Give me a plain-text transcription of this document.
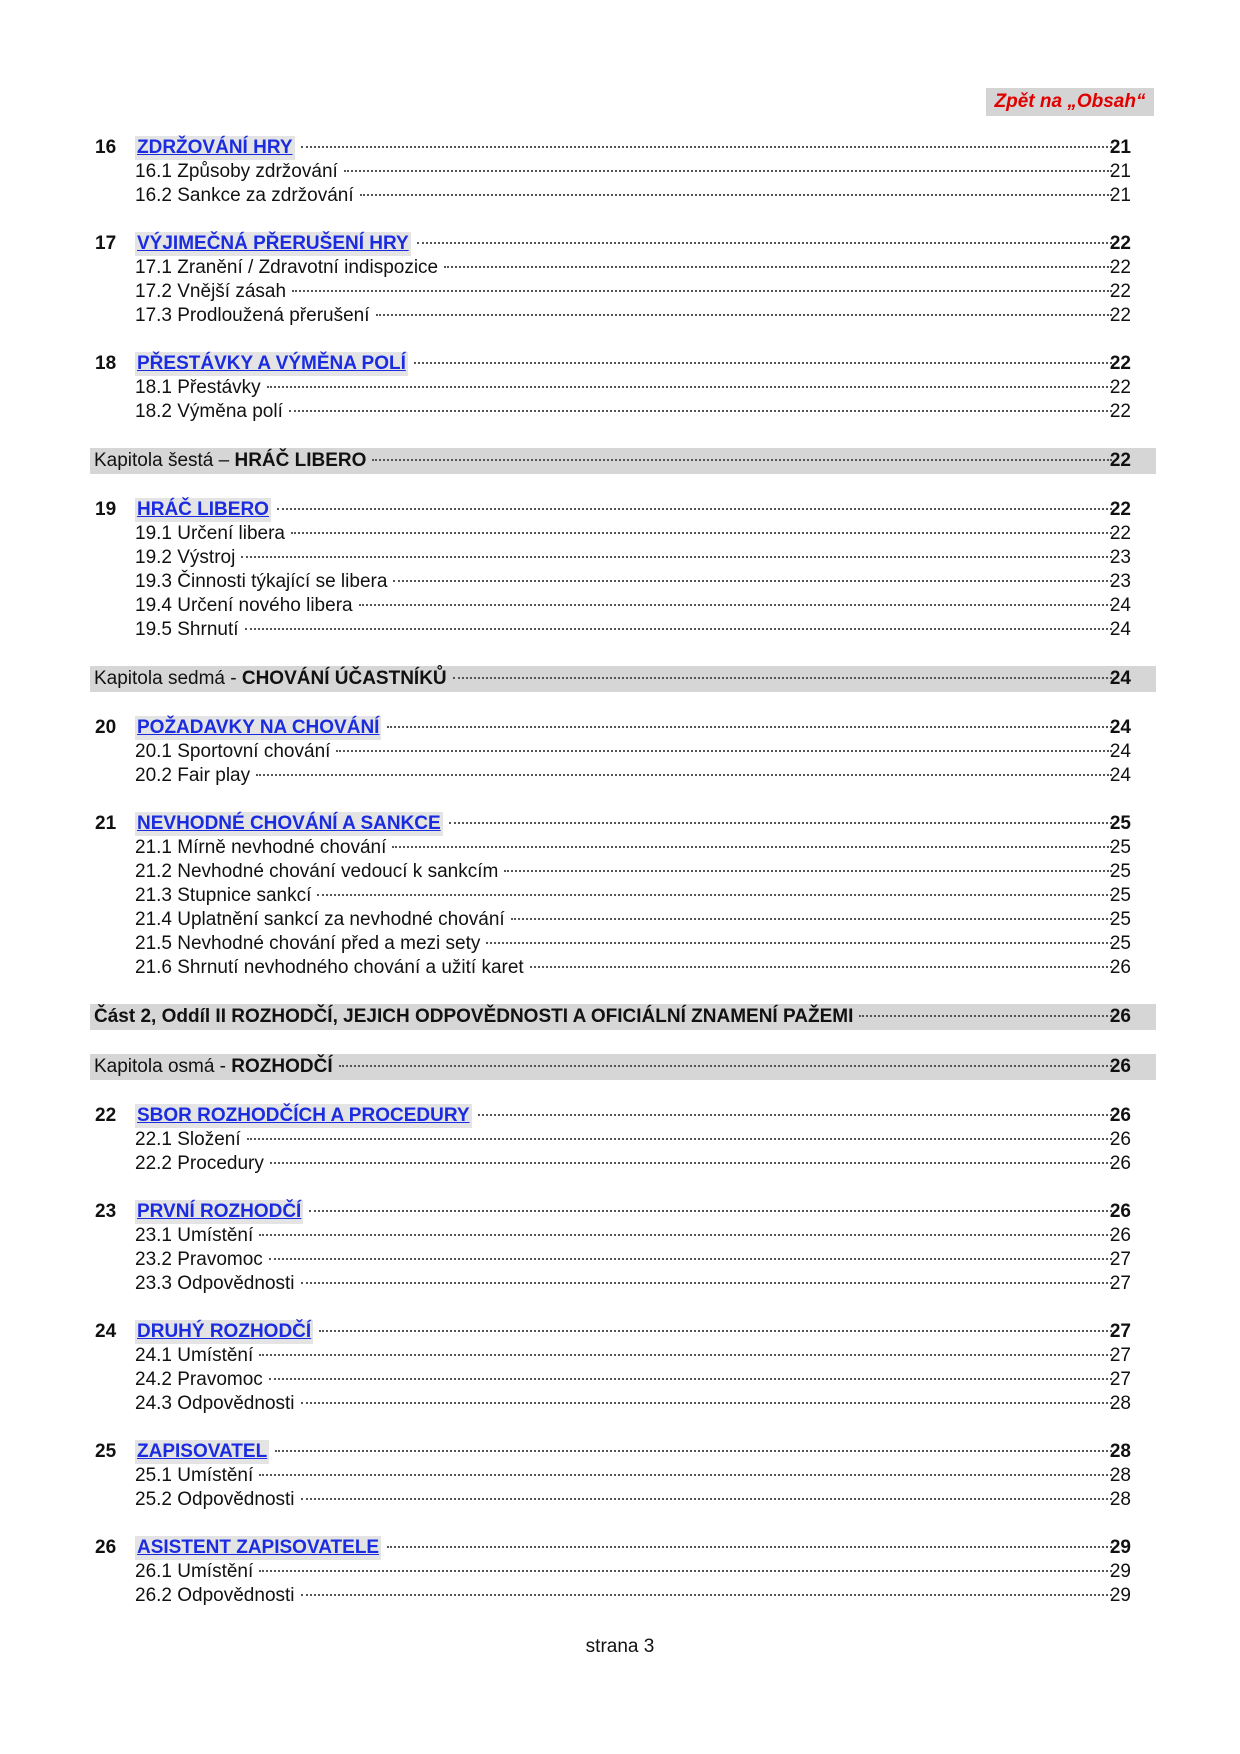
Zpět na „Obsah“
16 ZDRŽOVÁNÍ HRY	21
16.1 Způsoby zdržování	21
16.2 Sankce za zdržování	21
17 VÝJIMEČNÁ PŘERUŠENÍ HRY	22
17.1 Zranění / Zdravotní indispozice	22
17.2 Vnější zásah	22
17.3 Prodloužená přerušení	22
18 PŘESTÁVKY A VÝMĚNA POLÍ	22
18.1 Přestávky	22
18.2 Výměna polí	22
Kapitola šestá – HRÁČ LIBERO	22
19 HRÁČ LIBERO	22
19.1 Určení libera	22
19.2 Výstroj	23
19.3 Činnosti týkající se libera	23
19.4 Určení nového libera	24
19.5 Shrnutí	24
Kapitola sedmá - CHOVÁNÍ ÚČASTNÍKŮ	24
20 POŽADAVKY NA CHOVÁNÍ	24
20.1 Sportovní chování	24
20.2 Fair play	24
21 NEVHODNÉ CHOVÁNÍ A SANKCE	25
21.1 Mírně nevhodné chování	25
21.2 Nevhodné chování vedoucí k sankcím	25
21.3 Stupnice sankcí	25
21.4 Uplatnění sankcí za nevhodné chování	25
21.5 Nevhodné chování před a mezi sety	25
21.6 Shrnutí nevhodného chování a užití karet	26
Část 2, Oddíl II ROZHODČÍ, JEJICH ODPOVĚDNOSTI A OFICIÁLNÍ ZNAMENÍ PAŽEMI	26
Kapitola osmá - ROZHODČÍ	26
22 SBOR ROZHODČÍCH A PROCEDURY	26
22.1 Složení	26
22.2 Procedury	26
23 PRVNÍ ROZHODČÍ	26
23.1 Umístění	26
23.2 Pravomoc	27
23.3 Odpovědnosti	27
24 DRUHÝ ROZHODČÍ	27
24.1 Umístění	27
24.2 Pravomoc	27
24.3 Odpovědnosti	28
25 ZAPISOVATEL	28
25.1 Umístění	28
25.2 Odpovědnosti	28
26 ASISTENT ZAPISOVATELE	29
26.1 Umístění	29
26.2 Odpovědnosti	29
strana 3
